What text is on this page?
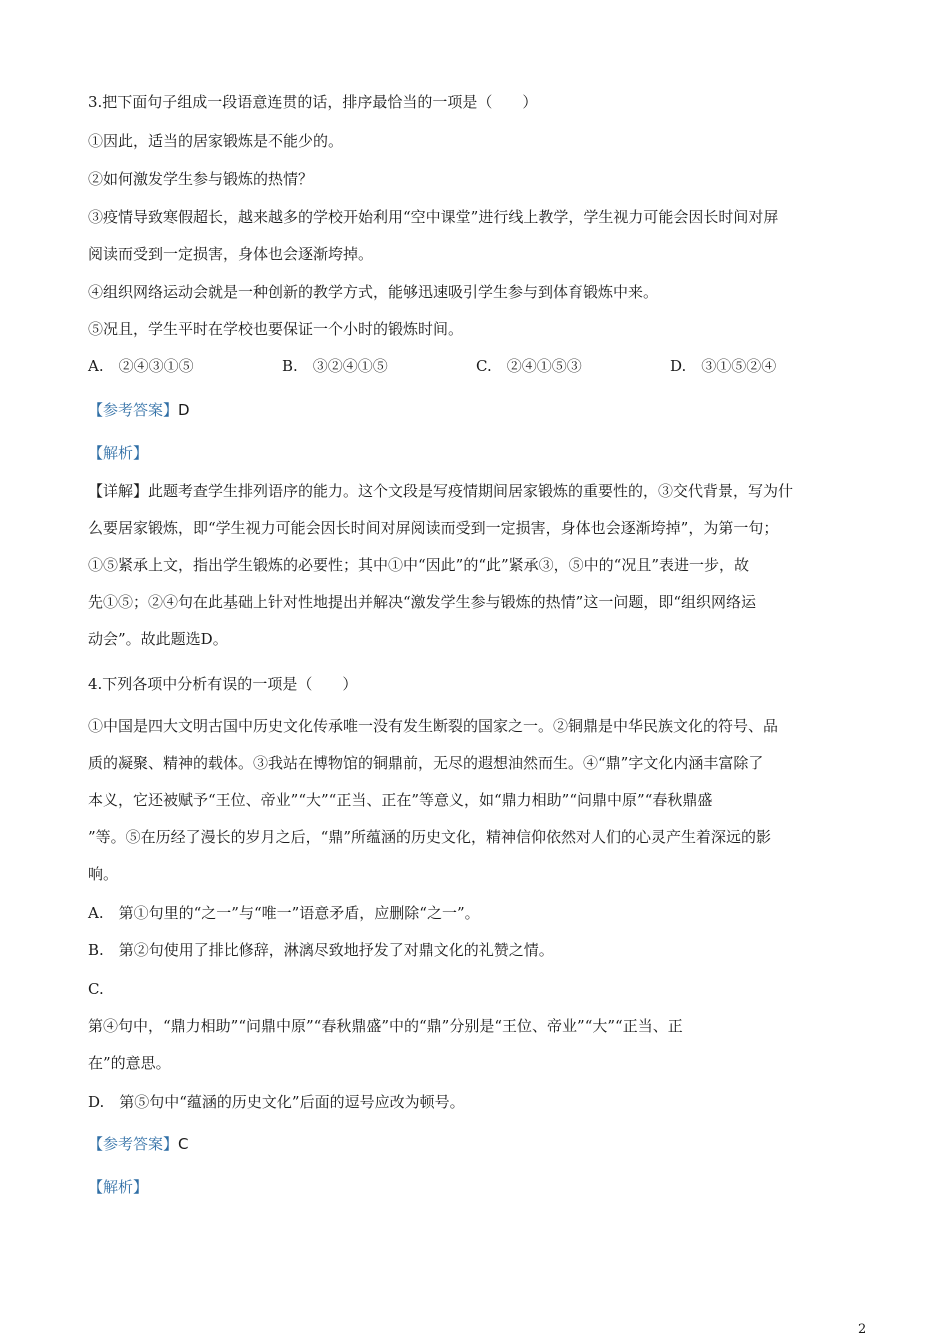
3.把下面句子组成一段语意连贯的话，排序最恰当的一项是（　　）
①因此，适当的居家锻炼是不能少的。
②如何激发学生参与锻炼的热情？
③疫情导致寒假超长，越来越多的学校开始利用“空中课堂”进行线上教学，学生视力可能会因长时间对屏
阅读而受到一定损害，身体也会逐渐垮掉。
④组织网络运动会就是一种创新的教学方式，能够迅速吸引学生参与到体育锻炼中来。
⑤况且，学生平时在学校也要保证一个小时的锻炼时间。
A.　②④③①⑤	B.　③②④①⑤	C.　②④①⑤③	D.　③①⑤②④
【参考答案】D
【解析】
【详解】此题考查学生排列语序的能力。这个文段是写疫情期间居家锻炼的重要性的，③交代背景，写为什
么要居家锻炼，即“学生视力可能会因长时间对屏阅读而受到一定损害，身体也会逐渐垮掉”，为第一句；
①⑤紧承上文，指出学生锻炼的必要性；其中①中“因此”的“此”紧承③，⑤中的“况且”表进一步，故
先①⑤；②④句在此基础上针对性地提出并解决“激发学生参与锻炼的热情”这一问题，即“组织网络运
动会”。故此题选D。
4.下列各项中分析有误的一项是（　　）
①中国是四大文明古国中历史文化传承唯一没有发生断裂的国家之一。②铜鼎是中华民族文化的符号、品
质的凝聚、精神的载体。③我站在博物馆的铜鼎前，无尽的遐想油然而生。④“鼎”字文化内涵丰富除了
本义，它还被赋予“王位、帝业”“大”“正当、正在”等意义，如“鼎力相助”“问鼎中原”“春秋鼎盛
”等。⑤在历经了漫长的岁月之后，“鼎”所蕴涵的历史文化，精神信仰依然对人们的心灵产生着深远的影
响。
A.　第①句里的“之一”与“唯一”语意矛盾，应删除“之一”。
B.　第②句使用了排比修辞，淋漓尽致地抒发了对鼎文化的礼赞之情。
C.
第④句中，“鼎力相助”“问鼎中原”“春秋鼎盛”中的“鼎”分别是“王位、帝业”“大”“正当、正
在”的意思。
D.　第⑤句中“蕴涵的历史文化”后面的逗号应改为顿号。
【参考答案】C
【解析】
2
